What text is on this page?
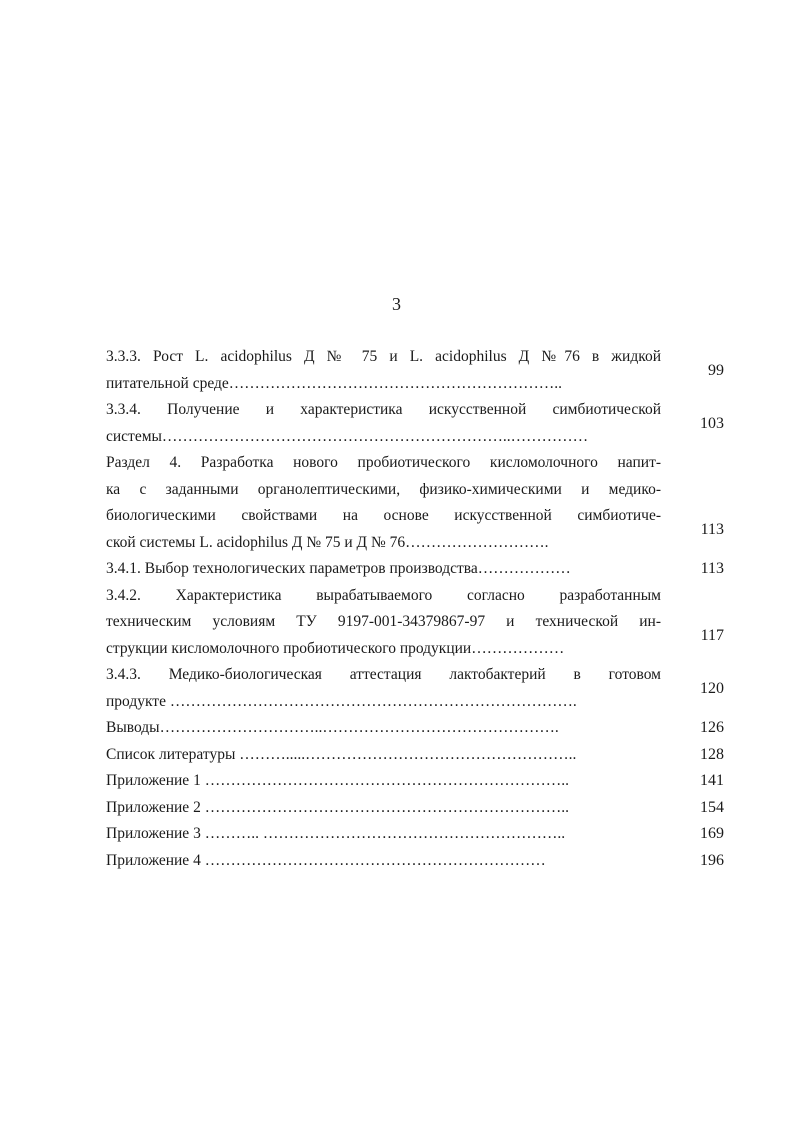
3
3.3.3. Рост L. acidophilus Д № 75 и L. acidophilus Д №76 в жидкой
питательной среде………………………………………………………..
99
3.3.4. Получение и характеристика искусственной симбиотической
системы…………………………………………………………..……………
103
Раздел 4. Разработка нового пробиотического кисломолочного напит-
ка с заданными органолептическими, физико-химическими и медико-
биологическими свойствами на основе искусственной симбиотиче-
ской системы L. acidophilus Д № 75 и Д № 76……………………….
113
3.4.1. Выбор технологических параметров производства………………	113
3.4.2. Характеристика вырабатываемого согласно разработанным
техническим условиям ТУ 9197-001-34379867-97 и технической ин-
струкции кисломолочного пробиотического продукции………………
117
3.4.3. Медико-биологическая аттестация лактобактерий в готовом
продукте …………………………………………………………………….
120
Выводы…………………………..……………………………………….	126
Список литературы ……….....……………………………………………..	128
Приложение 1 ……………………………………………………………..	141
Приложение 2 ……………………………………………………………..	154
Приложение 3 ……….. …………………………………………………..	169
Приложение 4 …………………………………………………………	196
